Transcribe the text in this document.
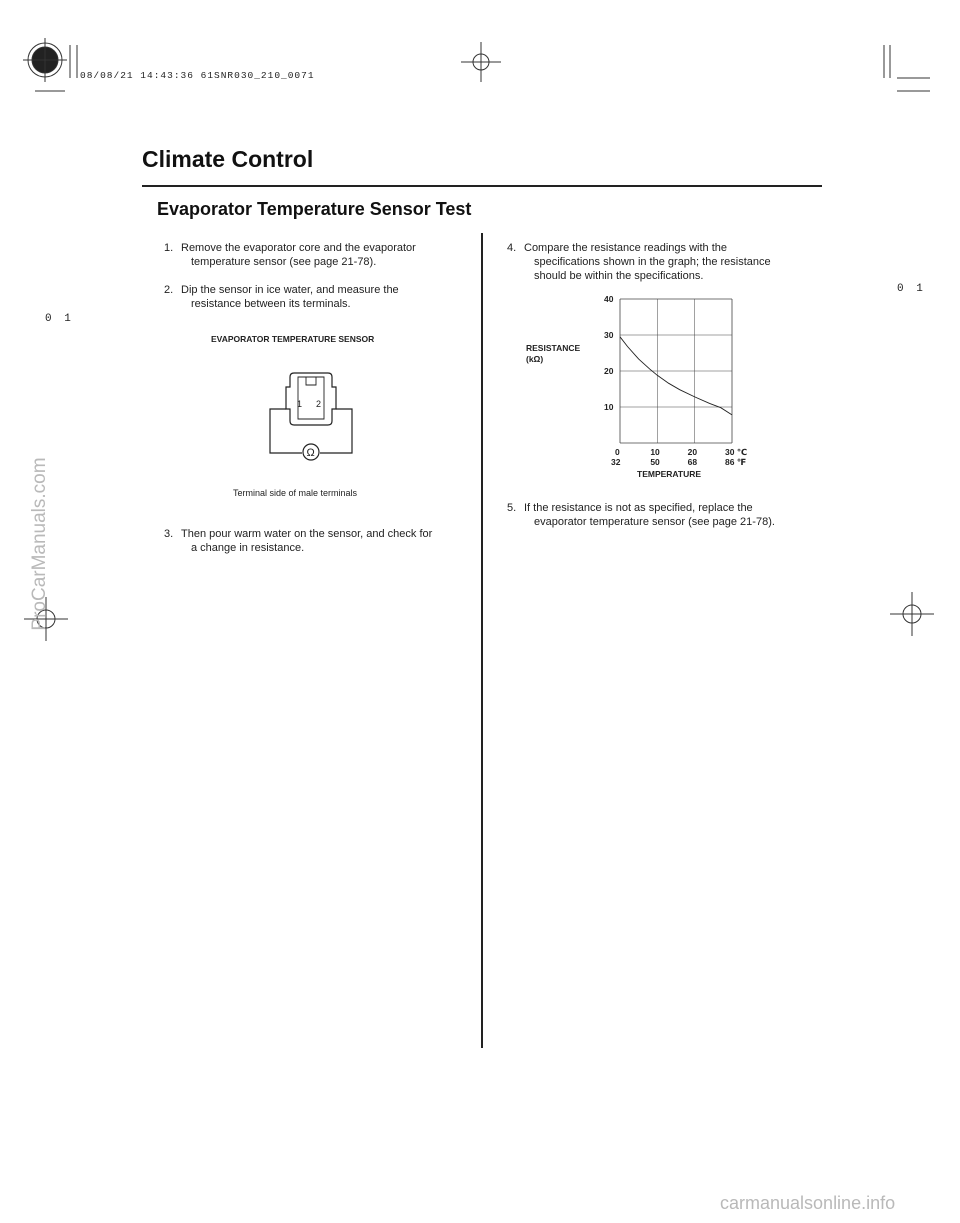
08/08/21 14:43:36 61SNR030_210_0071
Climate Control
Evaporator Temperature Sensor Test
0 1
0 1
1. Remove the evaporator core and the evaporator
temperature sensor (see page 21-78).
2. Dip the sensor in ice water, and measure the
resistance between its terminals.
EVAPORATOR TEMPERATURE SENSOR
1 2
Ω
Terminal side of male terminals
3. Then pour warm water on the sensor, and check for
a change in resistance.
4. Compare the resistance readings with the
specifications shown in the graph; the resistance
should be within the specifications.
10
20
30
40
0	10	20	30 ℃
32	50	68	86 ℉
RESISTANCE
(kΩ)
TEMPERATURE
5. If the resistance is not as specified, replace the
evaporator temperature sensor (see page 21-78).
ProCarManuals.com
carmanualsonline.info
